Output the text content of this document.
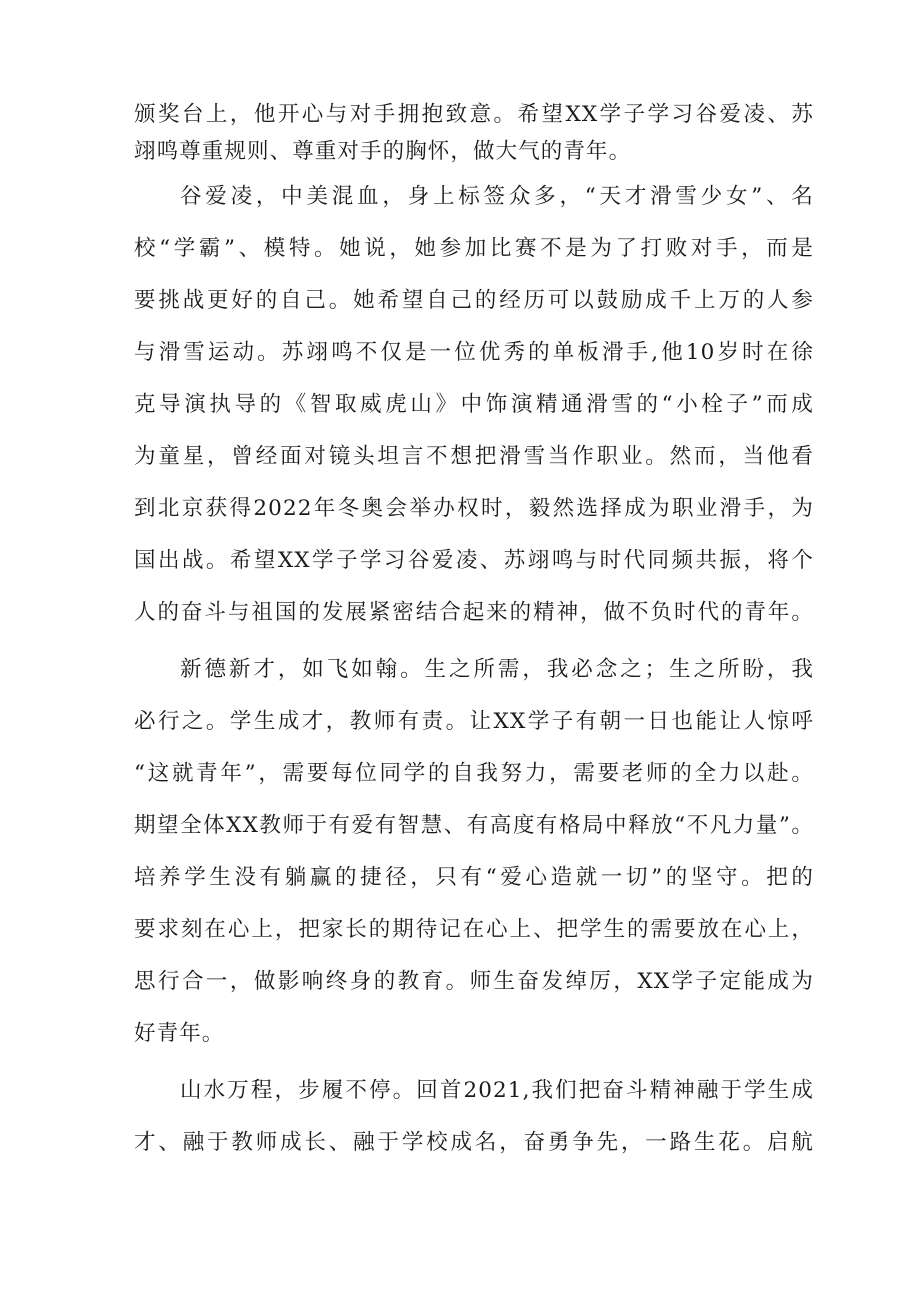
颁奖台上，他开心与对手拥抱致意。希望XX学子学习谷爱凌、苏
翊鸣尊重规则、尊重对手的胸怀，做大气的青年。
谷爱凌，中美混血，身上标签众多，“天才滑雪少女”、名
校“学霸”、模特。她说，她参加比赛不是为了打败对手，而是
要挑战更好的自己。她希望自己的经历可以鼓励成千上万的人参
与滑雪运动。苏翊鸣不仅是一位优秀的单板滑手,他10岁时在徐
克导演执导的《智取威虎山》中饰演精通滑雪的“小栓子”而成
为童星，曾经面对镜头坦言不想把滑雪当作职业。然而，当他看
到北京获得2022年冬奥会举办权时，毅然选择成为职业滑手，为
国出战。希望XX学子学习谷爱凌、苏翊鸣与时代同频共振，将个
人的奋斗与祖国的发展紧密结合起来的精神，做不负时代的青年。
新德新才，如飞如翰。生之所需，我必念之；生之所盼，我
必行之。学生成才，教师有责。让XX学子有朝一日也能让人惊呼
“这就青年”，需要每位同学的自我努力，需要老师的全力以赴。
期望全体XX教师于有爱有智慧、有高度有格局中释放“不凡力量”。
培养学生没有躺赢的捷径，只有“爱心造就一切”的坚守。把的
要求刻在心上，把家长的期待记在心上、把学生的需要放在心上，
思行合一，做影响终身的教育。师生奋发绰厉，XX学子定能成为
好青年。
山水万程，步履不停。回首2021,我们把奋斗精神融于学生成
才、融于教师成长、融于学校成名，奋勇争先，一路生花。启航
